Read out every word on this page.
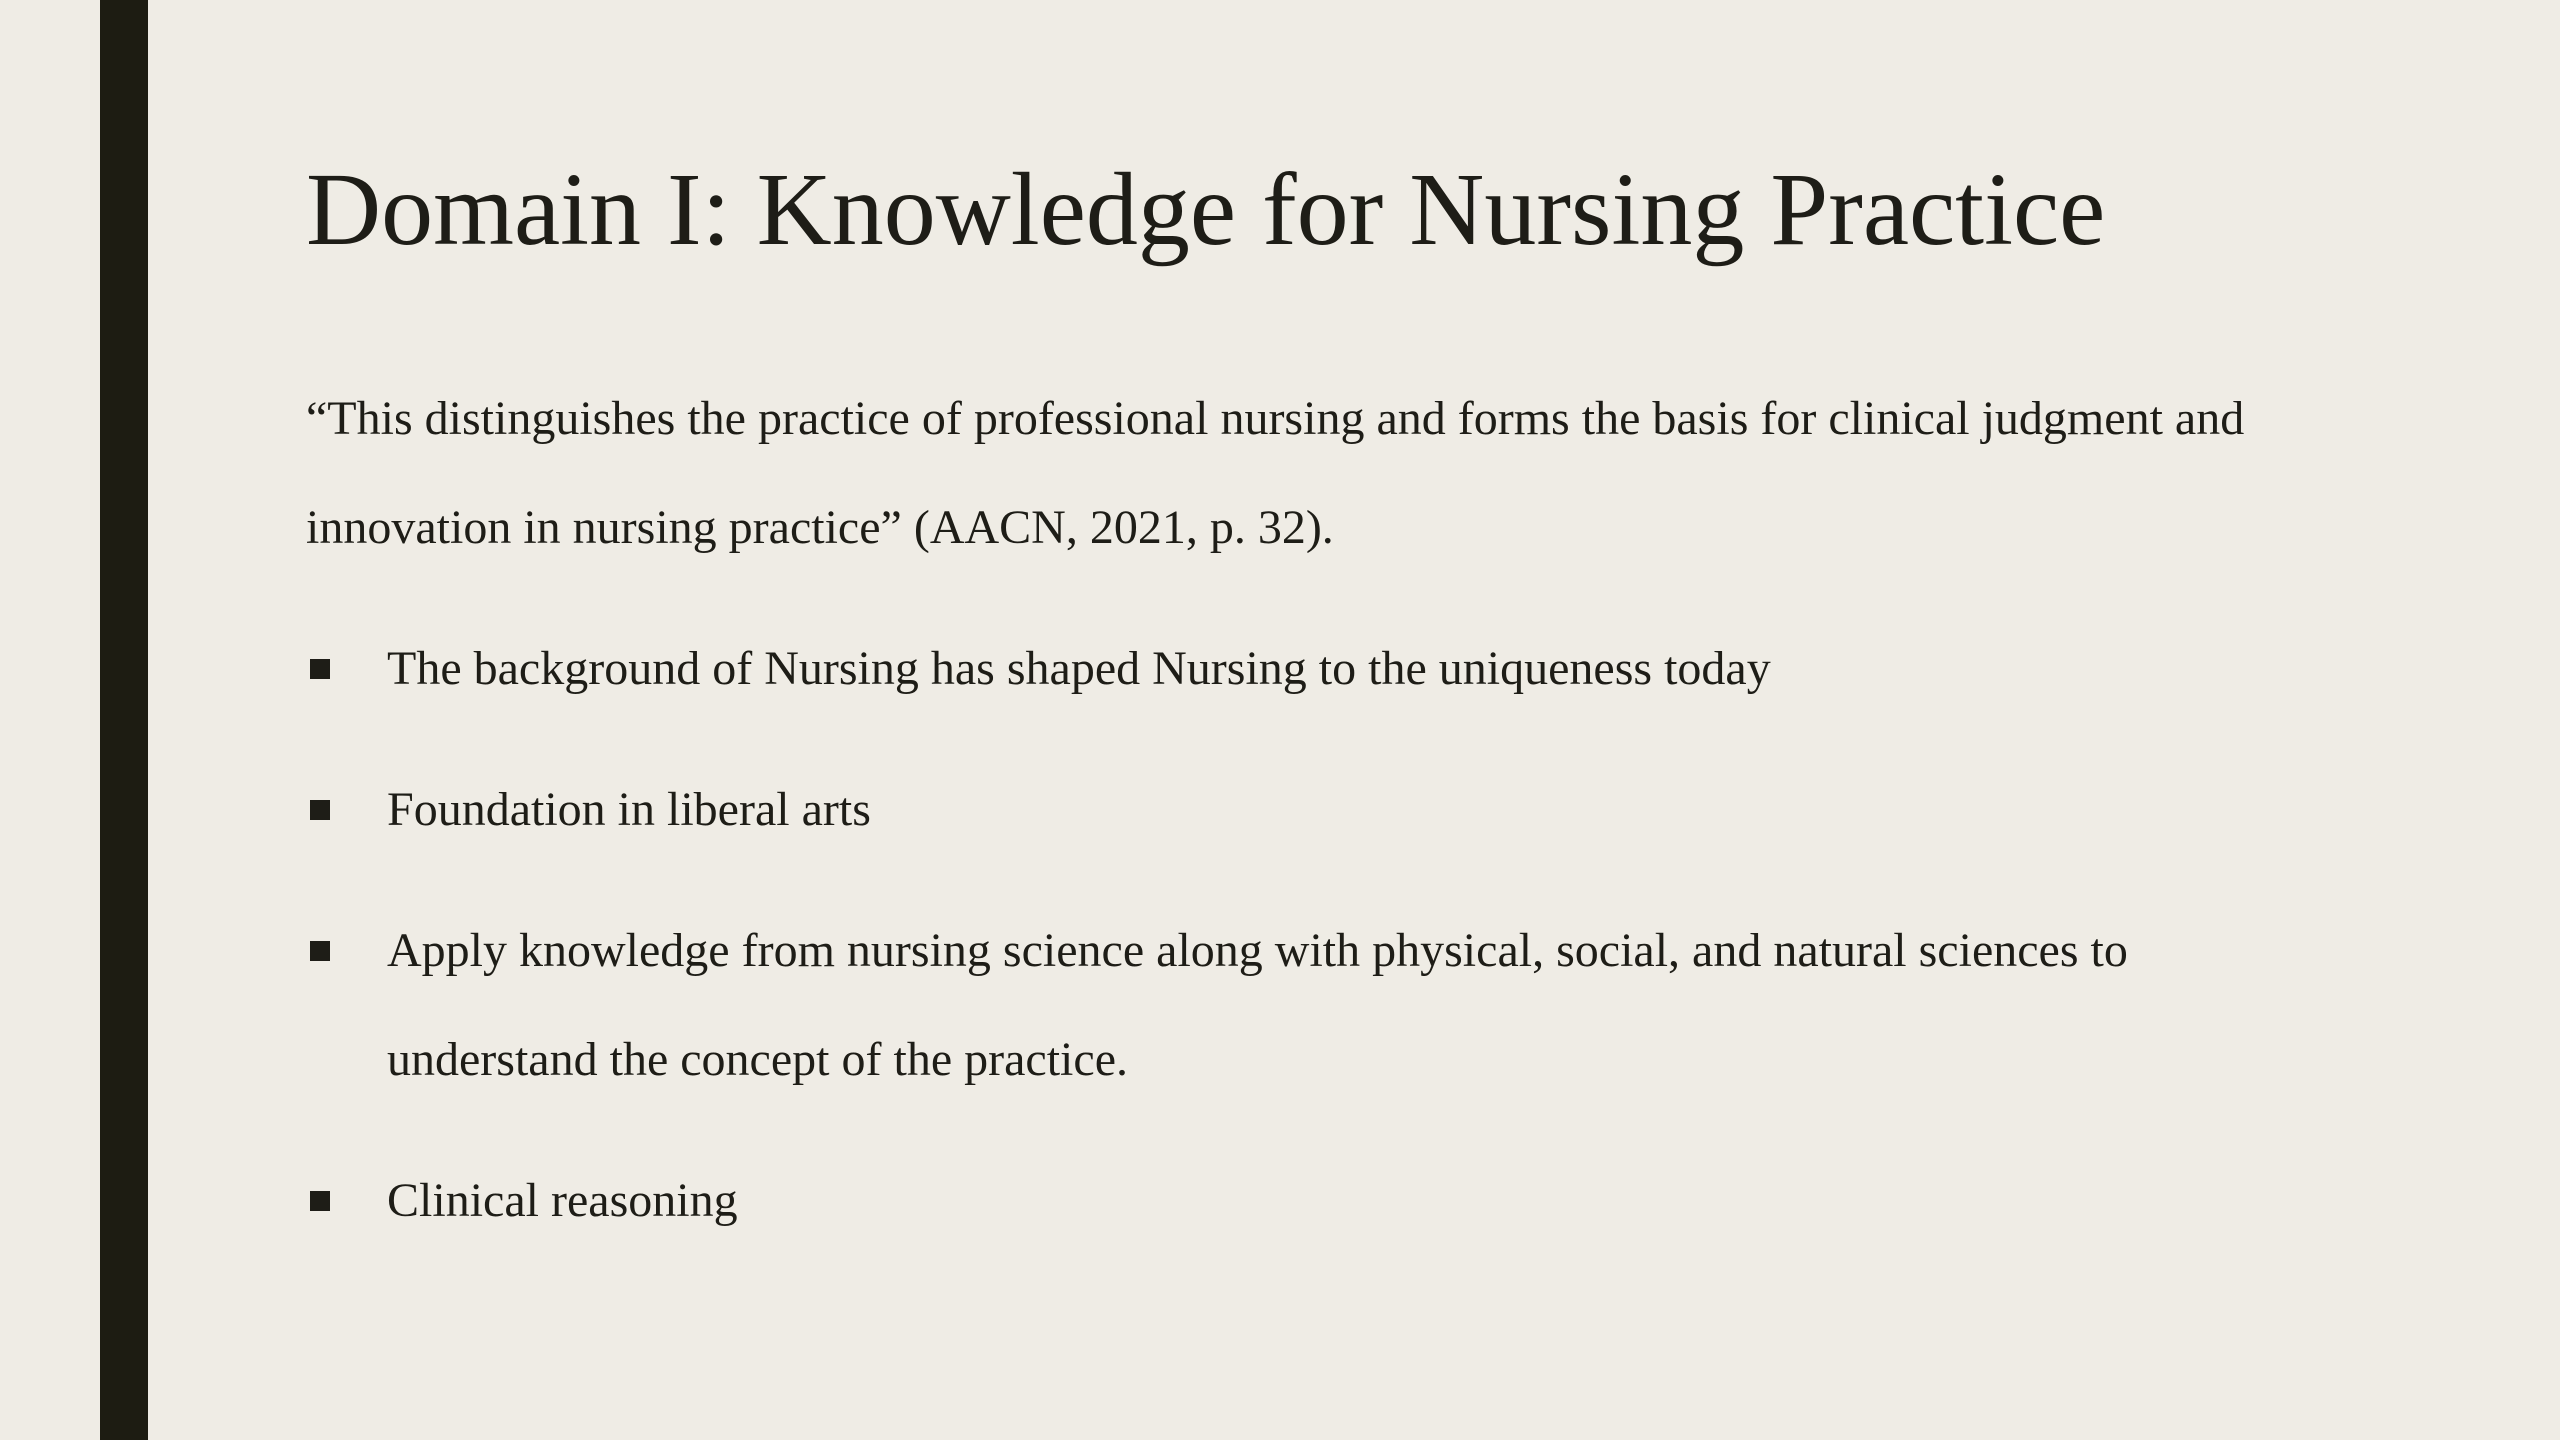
Domain I: Knowledge for Nursing Practice

“This distinguishes the practice of professional nursing and forms the basis for clinical judgment and innovation in nursing practice” (AACN, 2021, p. 32).

The background of Nursing has shaped Nursing to the uniqueness today
Foundation in liberal arts
Apply knowledge from nursing science along with physical, social, and natural sciences to understand the concept of the practice.
Clinical reasoning
